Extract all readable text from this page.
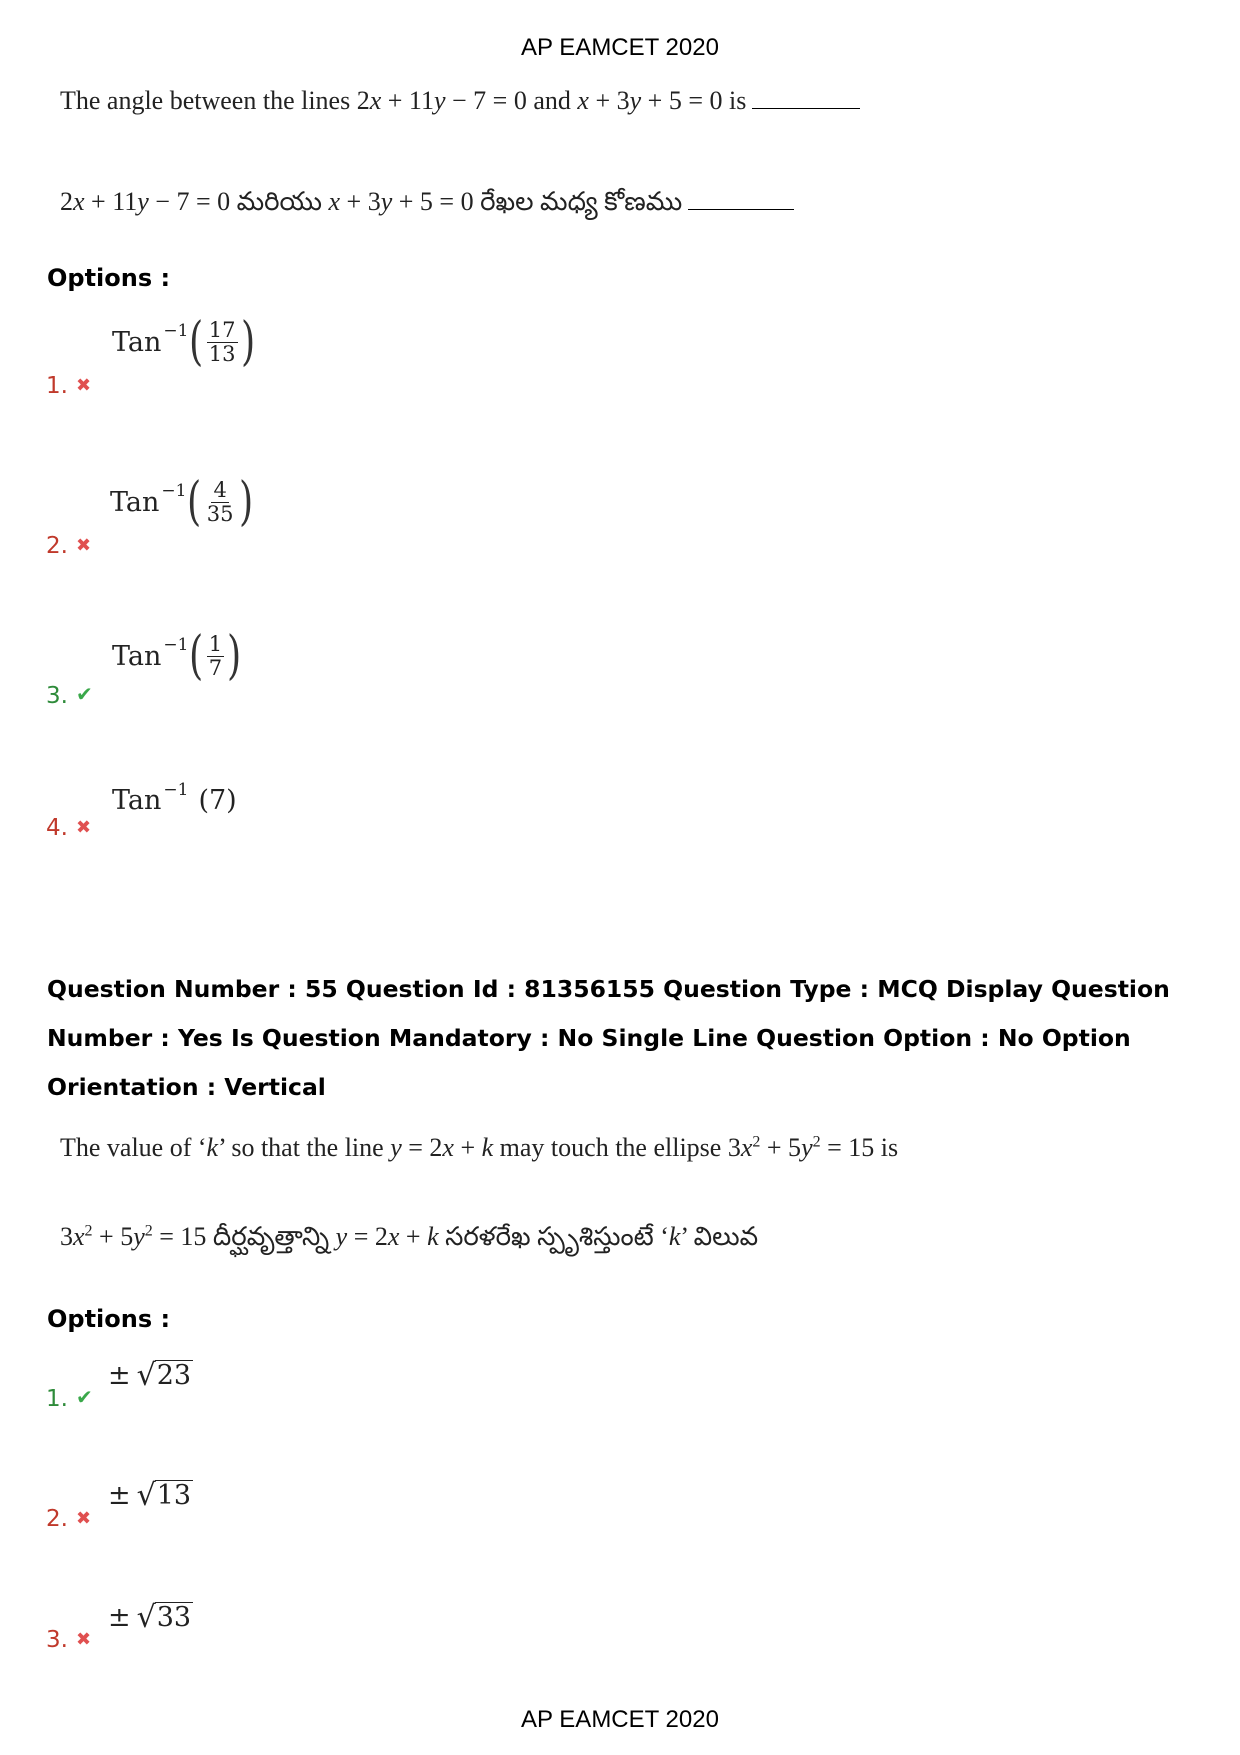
AP EAMCET 2020
The angle between the lines 2x + 11y − 7 = 0 and x + 3y + 5 = 0 is
2x + 11y − 7 = 0 మరియు x + 3y + 5 = 0 రేఖల మధ్య కోణము
Options :
Tan −1 ( $\frac{17}{13}$ )
1. ✖
Tan −1 ( $\frac{4}{35}$ )
2. ✖
Tan −1 ( $\frac{1}{7}$ )
3. ✔
Tan −1 (7)
4. ✖
Question Number : 55 Question Id : 81356155 Question Type : MCQ Display Question Number : Yes Is Question Mandatory : No Single Line Question Option : No Option Orientation : Vertical
The value of ‘k’ so that the line y = 2x + k may touch the ellipse $3x^2 + 5y^2 = 15$ is
$3x^2 + 5y^2 = 15$ దీర్ఘవృత్తాన్ని y = 2x + k సరళరేఖ స్పృశిస్తుంటే ‘k’ విలువ
Options :
± √ 23
1. ✔
± √ 13
2. ✖
± √ 33
3. ✖
AP EAMCET 2020
